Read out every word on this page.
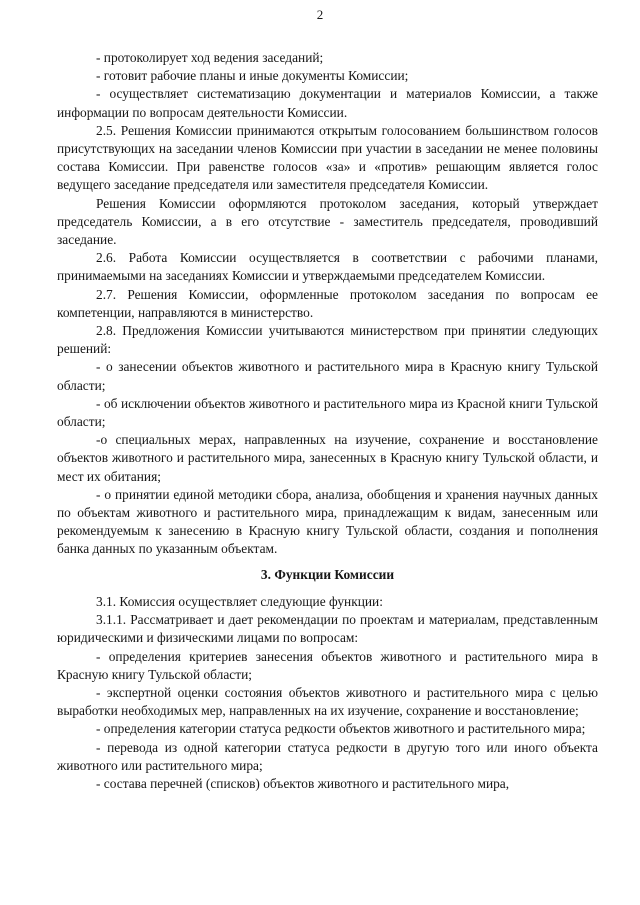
2

- протоколирует ход ведения заседаний;

- готовит рабочие планы и иные документы Комиссии;

- осуществляет систематизацию документации и материалов Комиссии, а также информации по вопросам деятельности Комиссии.

2.5. Решения Комиссии принимаются открытым голосованием большинством голосов присутствующих на заседании членов Комиссии при участии в заседании не менее половины состава Комиссии. При равенстве голосов «за» и «против» решающим является голос ведущего заседание председателя или заместителя председателя Комиссии.

Решения Комиссии оформляются протоколом заседания, который утверждает председатель Комиссии, а в его отсутствие - заместитель председателя, проводивший заседание.

2.6. Работа Комиссии осуществляется в соответствии с рабочими планами, принимаемыми на заседаниях Комиссии и утверждаемыми председателем Комиссии.

2.7. Решения Комиссии, оформленные протоколом заседания по вопросам ее компетенции, направляются в министерство.

2.8. Предложения Комиссии учитываются министерством при принятии следующих решений:

- о занесении объектов животного и растительного мира в Красную книгу Тульской области;

- об исключении объектов животного и растительного мира из Красной книги Тульской области;

-о специальных мерах, направленных на изучение, сохранение и восстановление объектов животного и растительного мира, занесенных в Красную книгу Тульской области, и мест их обитания;

- о принятии единой методики сбора, анализа, обобщения и хранения научных данных по объектам животного и растительного мира, принадлежащим к видам, занесенным или рекомендуемым к занесению в Красную книгу Тульской области, создания и пополнения банка данных по указанным объектам.

3. Функции Комиссии

3.1. Комиссия осуществляет следующие функции:

3.1.1. Рассматривает и дает рекомендации по проектам и материалам, представленным юридическими и физическими лицами по вопросам:

- определения критериев занесения объектов животного и растительного мира в Красную книгу Тульской области;

- экспертной оценки состояния объектов животного и растительного мира с целью выработки необходимых мер, направленных на их изучение, сохранение и восстановление;

- определения категории статуса редкости объектов животного и растительного мира;

- перевода из одной категории статуса редкости в другую того или иного объекта животного или растительного мира;

- состава перечней (списков) объектов животного и растительного мира,
